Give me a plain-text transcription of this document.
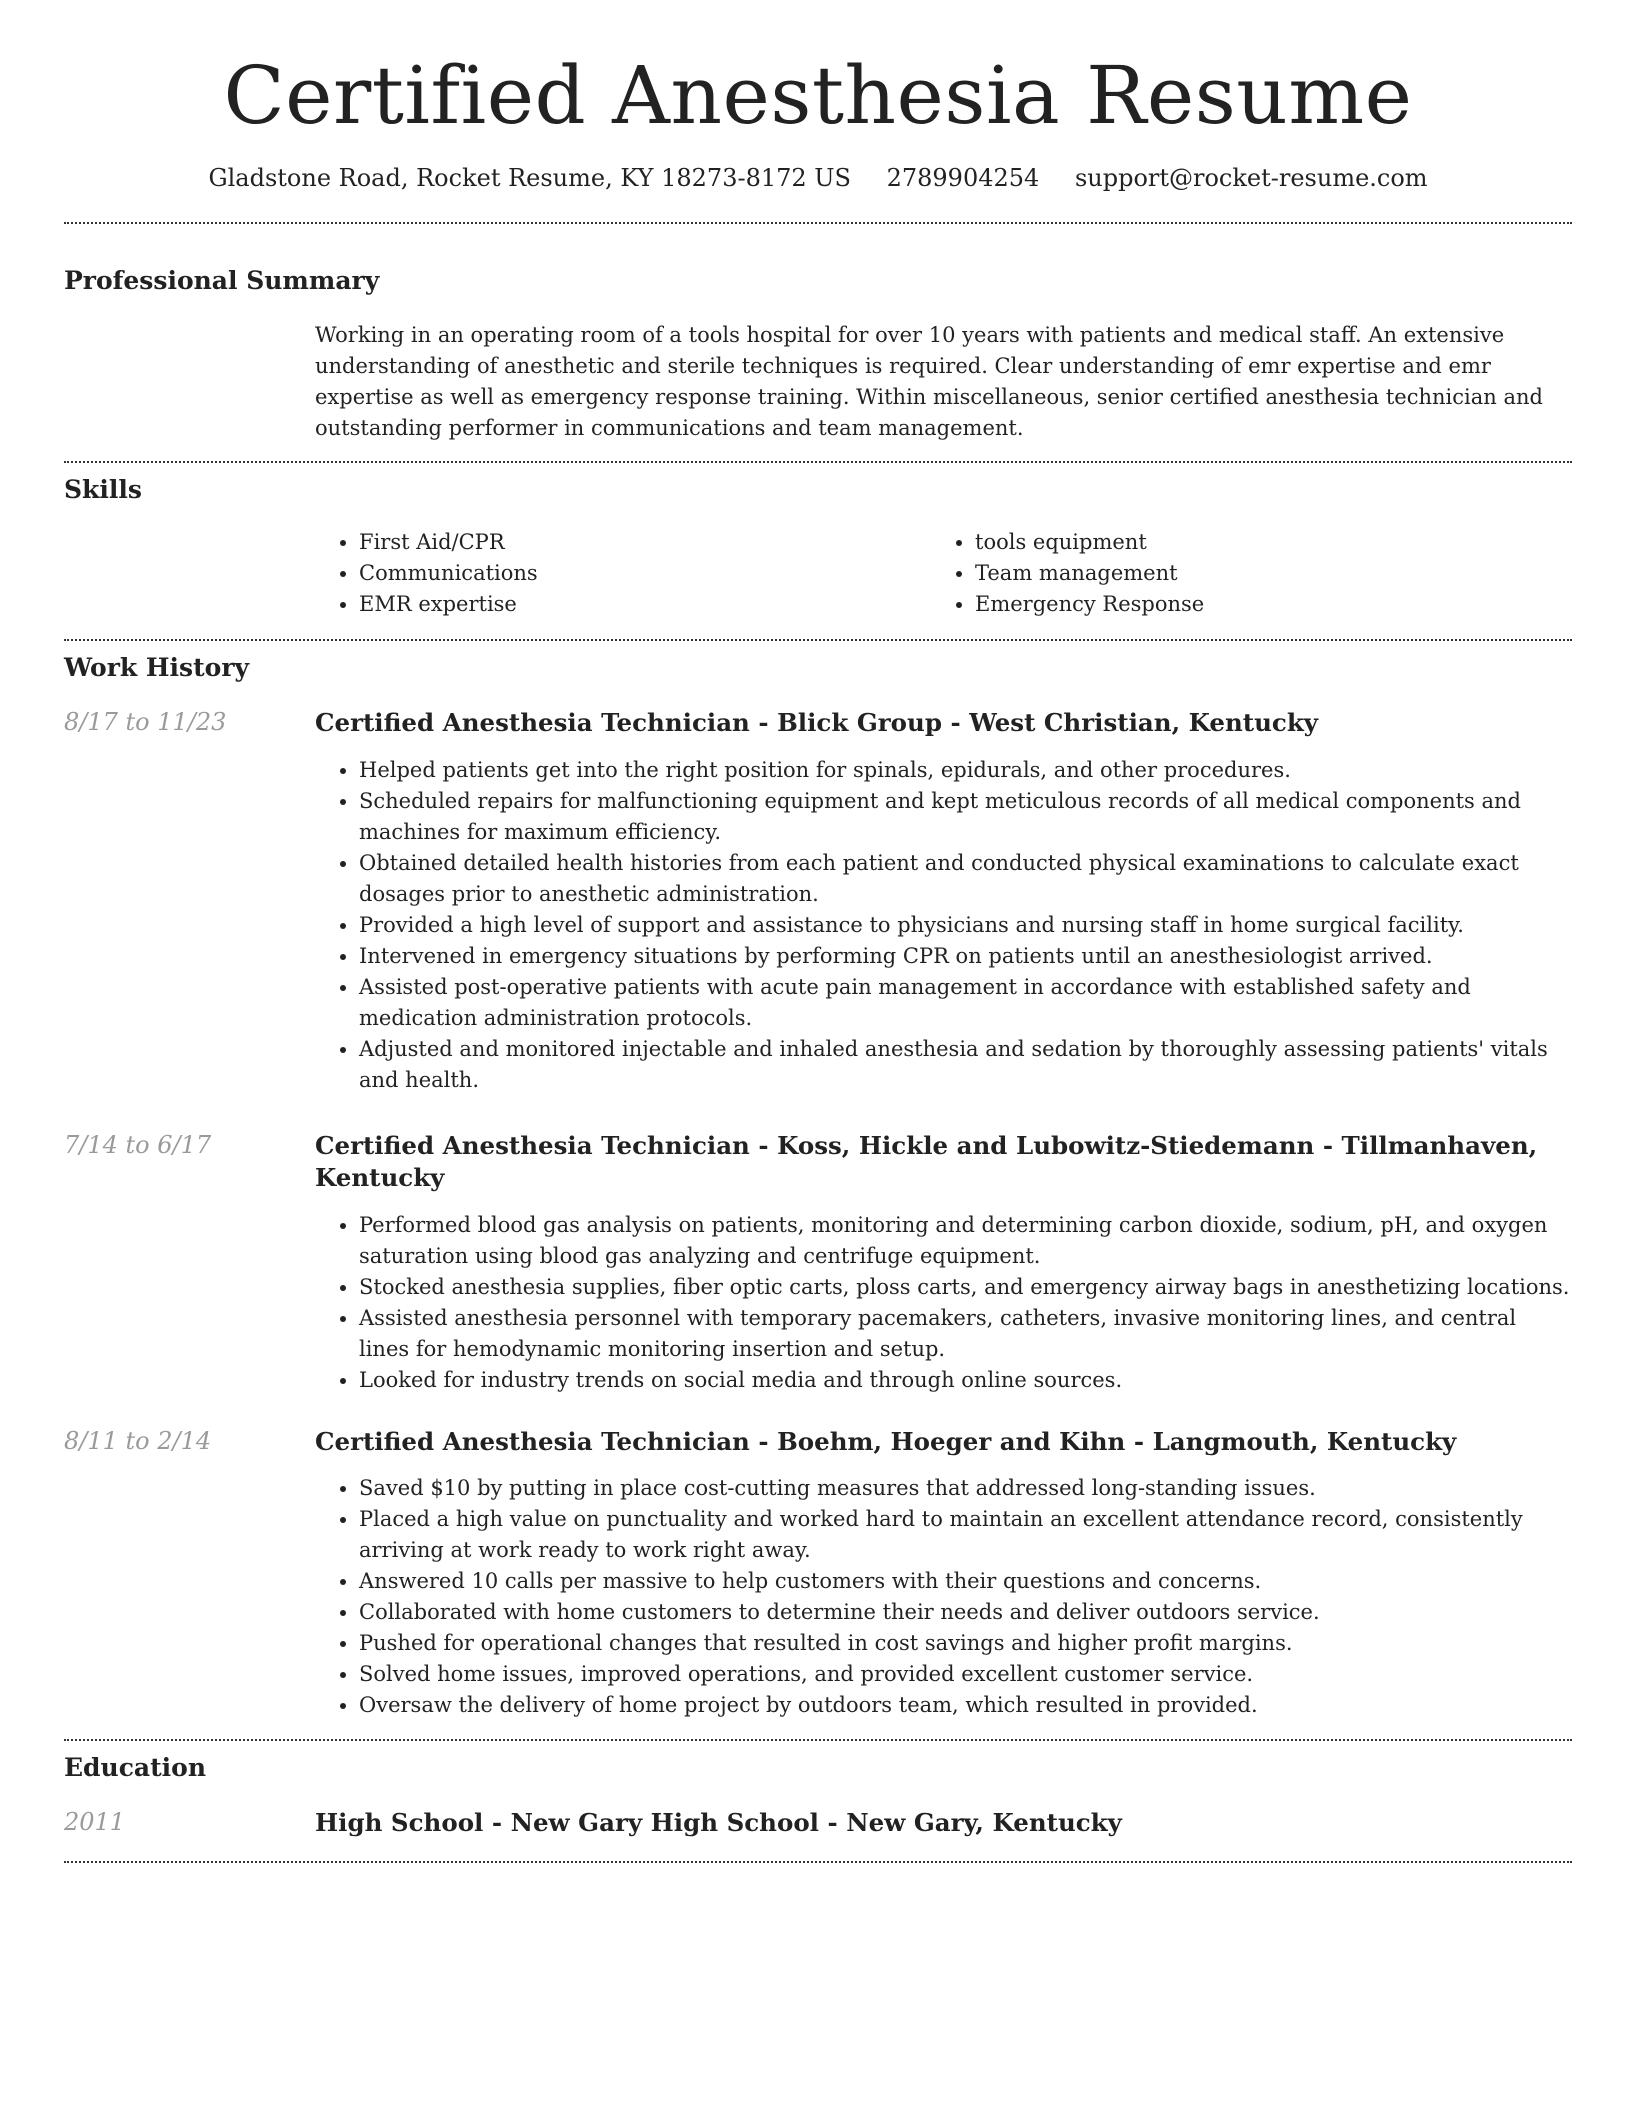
Certified Anesthesia Resume
Gladstone Road, Rocket Resume, KY 18273-8172 US 2789904254 support@rocket-resume.com
Professional Summary

Working in an operating room of a tools hospital for over 10 years with patients and medical staff. An extensive understanding of anesthetic and sterile techniques is required. Clear understanding of emr expertise and emr expertise as well as emergency response training. Within miscellaneous, senior certified anesthesia technician and outstanding performer in communications and team management.

Skills
• First Aid/CPR
• Communications
• EMR expertise
• tools equipment
• Team management
• Emergency Response
Work History
8/17 to 11/23	Certified Anesthesia Technician - Blick Group - West Christian, Kentucky
• Helped patients get into the right position for spinals, epidurals, and other procedures.
• Scheduled repairs for malfunctioning equipment and kept meticulous records of all medical components and machines for maximum efficiency.
• Obtained detailed health histories from each patient and conducted physical examinations to calculate exact dosages prior to anesthetic administration.
• Provided a high level of support and assistance to physicians and nursing staff in home surgical facility.
• Intervened in emergency situations by performing CPR on patients until an anesthesiologist arrived.
• Assisted post-operative patients with acute pain management in accordance with established safety and medication administration protocols.
• Adjusted and monitored injectable and inhaled anesthesia and sedation by thoroughly assessing patients' vitals and health.
7/14 to 6/17	Certified Anesthesia Technician - Koss, Hickle and Lubowitz-Stiedemann - Tillmanhaven, Kentucky
• Performed blood gas analysis on patients, monitoring and determining carbon dioxide, sodium, pH, and oxygen saturation using blood gas analyzing and centrifuge equipment.
• Stocked anesthesia supplies, fiber optic carts, ploss carts, and emergency airway bags in anesthetizing locations.
• Assisted anesthesia personnel with temporary pacemakers, catheters, invasive monitoring lines, and central lines for hemodynamic monitoring insertion and setup.
• Looked for industry trends on social media and through online sources.
8/11 to 2/14	Certified Anesthesia Technician - Boehm, Hoeger and Kihn - Langmouth, Kentucky
• Saved $10 by putting in place cost-cutting measures that addressed long-standing issues.
• Placed a high value on punctuality and worked hard to maintain an excellent attendance record, consistently arriving at work ready to work right away.
• Answered 10 calls per massive to help customers with their questions and concerns.
• Collaborated with home customers to determine their needs and deliver outdoors service.
• Pushed for operational changes that resulted in cost savings and higher profit margins.
• Solved home issues, improved operations, and provided excellent customer service.
• Oversaw the delivery of home project by outdoors team, which resulted in provided.
Education
2011	High School - New Gary High School - New Gary, Kentucky
